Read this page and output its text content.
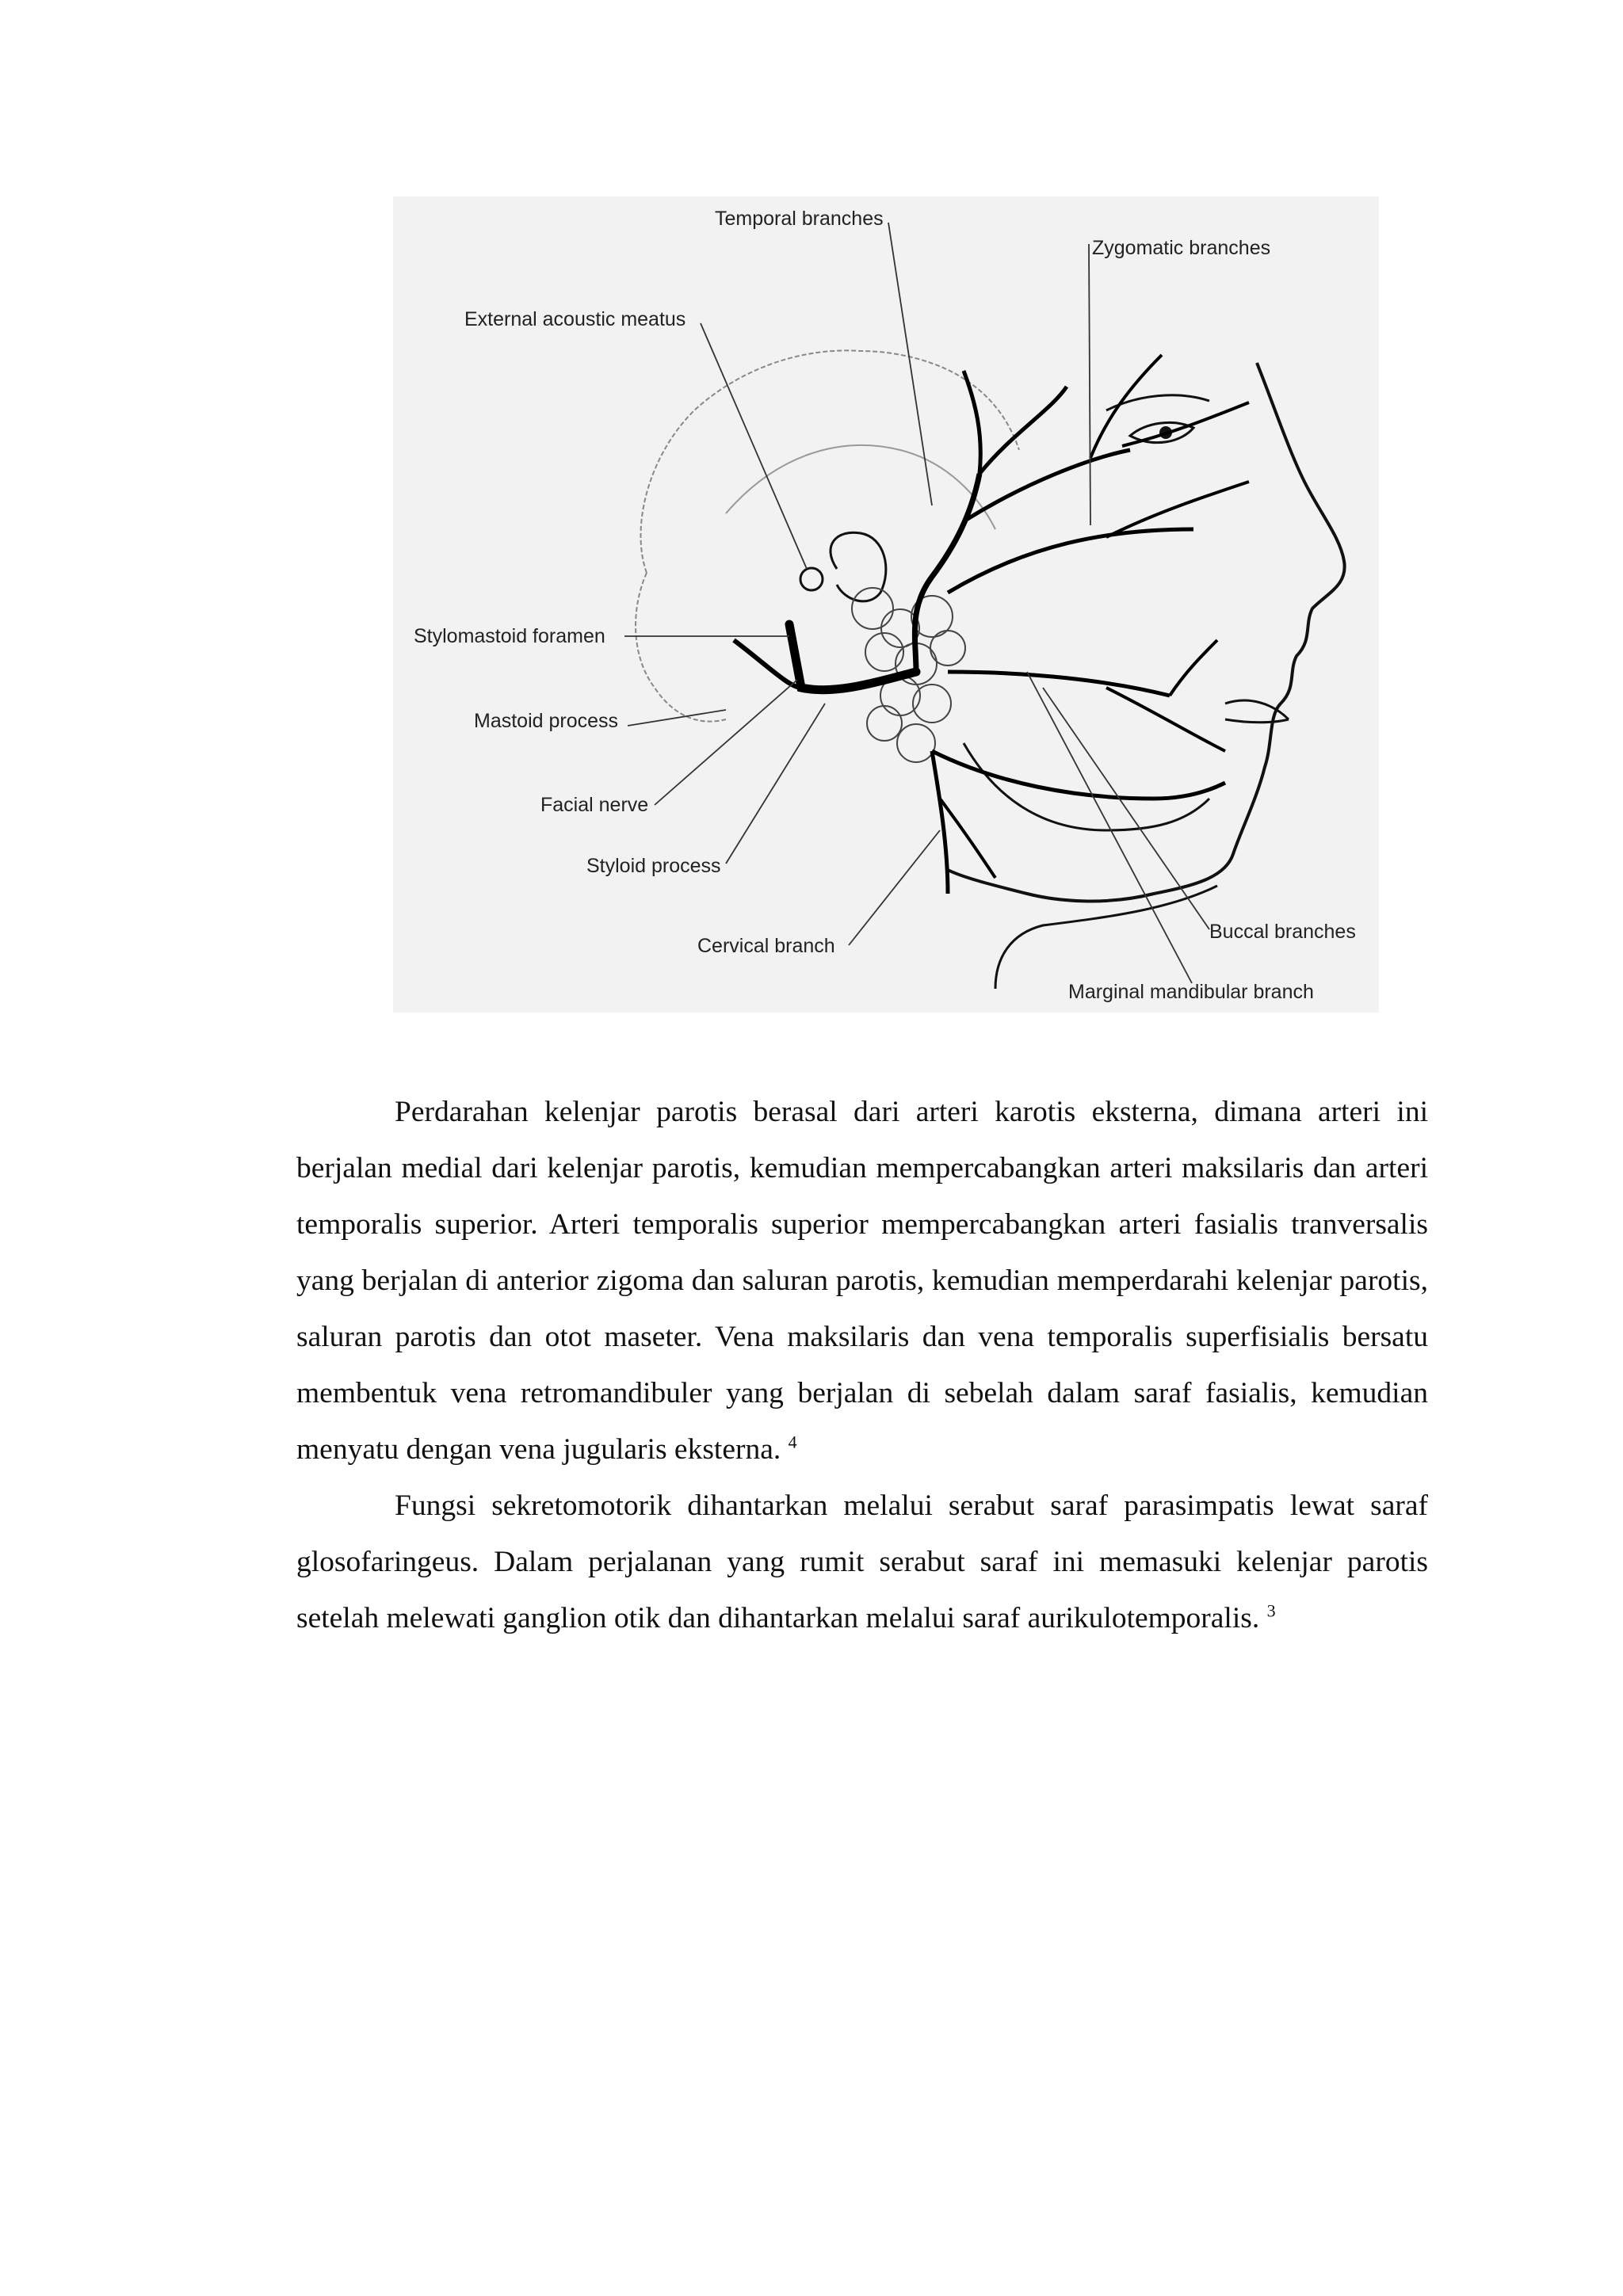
Temporal branches
Zygomatic branches
External acoustic meatus
Stylomastoid foramen
Mastoid process
Facial nerve
Styloid process
Cervical branch
Buccal branches
Marginal mandibular branch

Perdarahan kelenjar parotis berasal dari arteri karotis eksterna, dimana arteri ini berjalan medial dari kelenjar parotis, kemudian mempercabangkan arteri maksilaris dan arteri temporalis superior. Arteri temporalis superior mempercabangkan arteri fasialis tranversalis yang berjalan di anterior zigoma dan saluran parotis, kemudian memperdarahi kelenjar parotis, saluran parotis dan otot maseter. Vena maksilaris dan vena temporalis superfisialis bersatu membentuk vena retromandibuler yang berjalan di sebelah dalam saraf fasialis, kemudian menyatu dengan vena jugularis eksterna. $^4$

Fungsi sekretomotorik dihantarkan melalui serabut saraf parasimpatis lewat saraf glosofaringeus. Dalam perjalanan yang rumit serabut saraf ini memasuki kelenjar parotis setelah melewati ganglion otik dan dihantarkan melalui saraf aurikulotemporalis. $^3$
